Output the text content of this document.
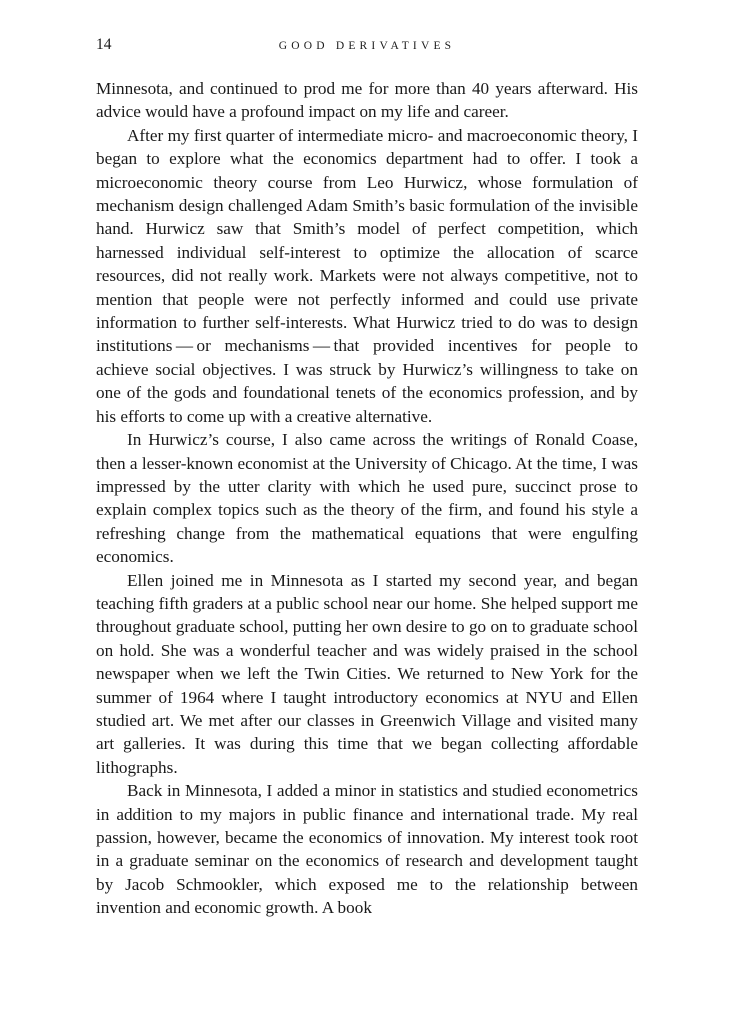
14	GOOD DERIVATIVES

Minnesota, and continued to prod me for more than 40 years afterward. His advice would have a profound impact on my life and career.

After my first quarter of intermediate micro- and macroeconomic theory, I began to explore what the economics department had to offer. I took a microeconomic theory course from Leo Hurwicz, whose formulation of mechanism design challenged Adam Smith’s basic formulation of the invisible hand. Hurwicz saw that Smith’s model of perfect competition, which harnessed individual self-interest to optimize the allocation of scarce resources, did not really work. Markets were not always competitive, not to mention that people were not perfectly informed and could use private information to further self-interests. What Hurwicz tried to do was to design institutions — or mechanisms — that provided incentives for people to achieve social objectives. I was struck by Hurwicz’s willingness to take on one of the gods and foundational tenets of the economics profession, and by his efforts to come up with a creative alternative.

In Hurwicz’s course, I also came across the writings of Ronald Coase, then a lesser-known economist at the University of Chicago. At the time, I was impressed by the utter clarity with which he used pure, succinct prose to explain complex topics such as the theory of the firm, and found his style a refreshing change from the mathematical equations that were engulfing economics.

Ellen joined me in Minnesota as I started my second year, and began teaching fifth graders at a public school near our home. She helped support me throughout graduate school, putting her own desire to go on to graduate school on hold. She was a wonderful teacher and was widely praised in the school newspaper when we left the Twin Cities. We returned to New York for the summer of 1964 where I taught introductory economics at NYU and Ellen studied art. We met after our classes in Greenwich Village and visited many art galleries. It was during this time that we began collecting affordable lithographs.

Back in Minnesota, I added a minor in statistics and studied econometrics in addition to my majors in public finance and international trade. My real passion, however, became the economics of innovation. My interest took root in a graduate seminar on the economics of research and development taught by Jacob Schmookler, which exposed me to the relationship between invention and economic growth. A book
